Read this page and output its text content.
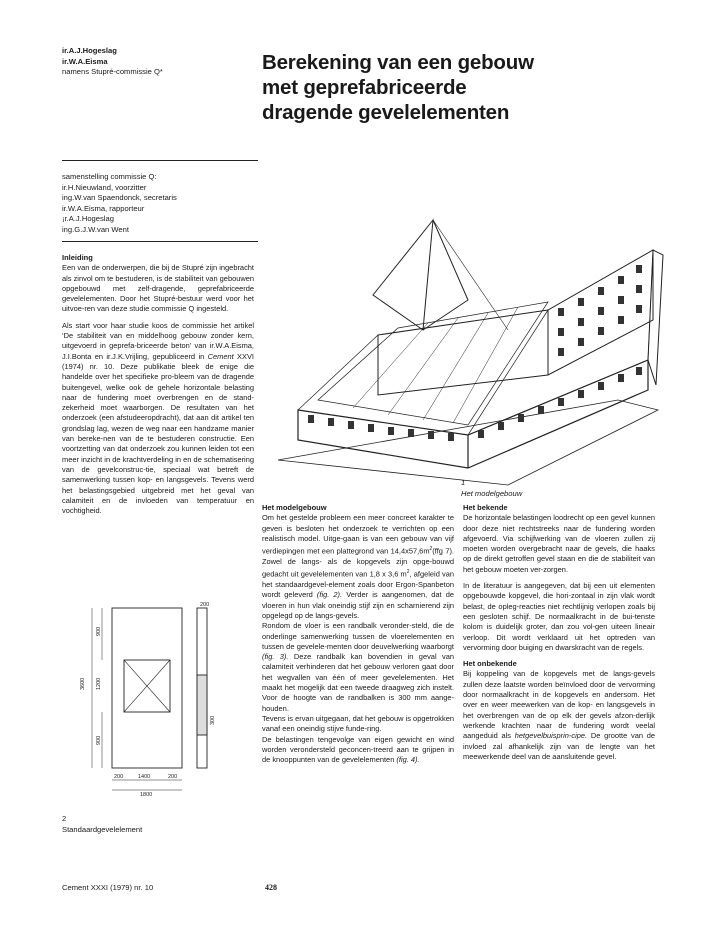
ir.A.J.Hogeslag
ir.W.A.Eisma
namens Stupré-commissie Q*	Berekening van een gebouw
met geprefabriceerde
dragende gevelelementen
samenstelling commissie Q:
ir.H.Nieuwland, voorzitter
ing.W.van Spaendonck, secretaris
ir.W.A.Eisma, rapporteur
¡r.A.J.Hogeslag
ing.G.J.W.van Went
Inleiding

Een van de onderwerpen, die bij de Stupré zijn ingebracht als zinvol om te bestuderen, is de stabiliteit van gebouwen opgebouwd met zelf-dragende, geprefabriceerde gevelelementen. Door het Stupré-bestuur werd voor het uitvoe-ren van deze studie commissie Q ingesteld.

Als start voor haar studie koos de commissie het artikel ‘De stabiliteit van en middelhoog gebouw zonder kern, uitgevoerd in geprefa-briceerde beton’ van ir.W.A.Eisma, J.I.Bonta en ir.J.K.Vrijling, gepubliceerd in Cement XXVI (1974) nr. 10. Deze publikatie bleek de enige die handelde over het specifieke pro-bleem van de dragende buitengevel, welke ook de gehele horizontale belasting naar de fundering moet overbrengen en de stand-zekerheid moet waarborgen. De resultaten van het onderzoek (een afstudeeropdracht), dat aan dit artikel ten grondslag lag, wezen de weg naar een handzame manier van bereke-nen van de te bestuderen constructie. Een voortzetting van dat onderzoek zou kunnen leiden tot een meer inzicht in de krachtverdeling in en de schematisering van de gevelconstruc-tie, speciaal wat betreft de samenwerking tussen kop- en langsgevels. Tevens werd het belastingsgebied uitgebreid met het geval van calamiteit en de invloeden van temperatuur en vochtigheid.

1
Het modelgebouw
3600
900
1200
900
200
300
200	1400	200
1800
2
Standaardgevelelement
Het modelgebouw

Om het gestelde probleem een meer concreet karakter te geven is besloten het onderzoek te verrichten op een realistisch model. Uitge-gaan is van een gebouw van vijf verdiepingen met een plattegrond van $14,4x57,6m^2(ffg$ 7). Zowel de langs- als de kopgevels zijn opge-bouwd gedacht uit gevelelementen van 1,8 x 3,6 $m^2$, afgeleid van het standaardgevel-element zoals door Ergon-Spanbeton wordt geleverd (fig. 2). Verder is aangenomen, dat de vloeren in hun vlak oneindig stijf zijn en scharnierend zijn opgelegd op de langs-gevels.

Rondom de vloer is een randbalk veronder-steld, die de onderlinge samenwerking tussen de vloerelementen en tussen de gevelele-menten door deuvelwerking waarborgt (fig. 3). Deze randbalk kan bovendien in geval van calamiteit verhinderen dat het gebouw verloren gaat door het wegvallen van één of meer gevelelementen. Het maakt het mogelijk dat een tweede draagweg zich instelt. Voor de hoogte van de randbalken is 300 mm aange-houden.

Tevens is ervan uitgegaan, dat het gebouw is opgetrokken vanaf een oneindig stijve funde-ring.

De belastingen tengevolge van eigen gewicht en wind worden verondersteld geconcen-treerd aan te grijpen in de knooppunten van de gevelelementen (fig. 4).

Het bekende

De horizontale belastingen loodrecht op een gevel kunnen door deze niet rechtstreeks naar de fundering worden afgevoerd. Via schijfwerking van de vloeren zullen zij moeten worden overgebracht naar de gevels, die haaks op de direkt getroffen gevel staan en die de stabiliteit van het gebouw moeten ver-zorgen.

In de literatuur is aangegeven, dat bij een uit elementen opgebouwde kopgevel, die hori-zontaal in zijn vlak wordt belast, de opleg-reacties niet rechtlijnig verlopen zoals bij een gesloten schijf. De normaalkracht in de bui-tenste kolom is duidelijk groter, dan zou vol-gen uiteen lineair verloop. Dit wordt verklaard uit het optreden van vervorming door buiging en dwarskracht van de regels.

Het onbekende

Bij koppeling van de kopgevels met de langs-gevels zullen deze laatste worden beïnvloed door de vervorming door normaalkracht in de kopgevels en andersom. Het over en weer meewerken van de kop- en langsgevels in het overbrengen van de op elk der gevels afzon-derlijk werkende krachten naar de fundering wordt veelal aangeduid als hetgevelbuisprin-cipe. De grootte van de invloed zal afhankelijk zijn van de lengte van het meewerkende deel van de aansluitende gevel.

Cement XXXI (1979) nr. 10	428
